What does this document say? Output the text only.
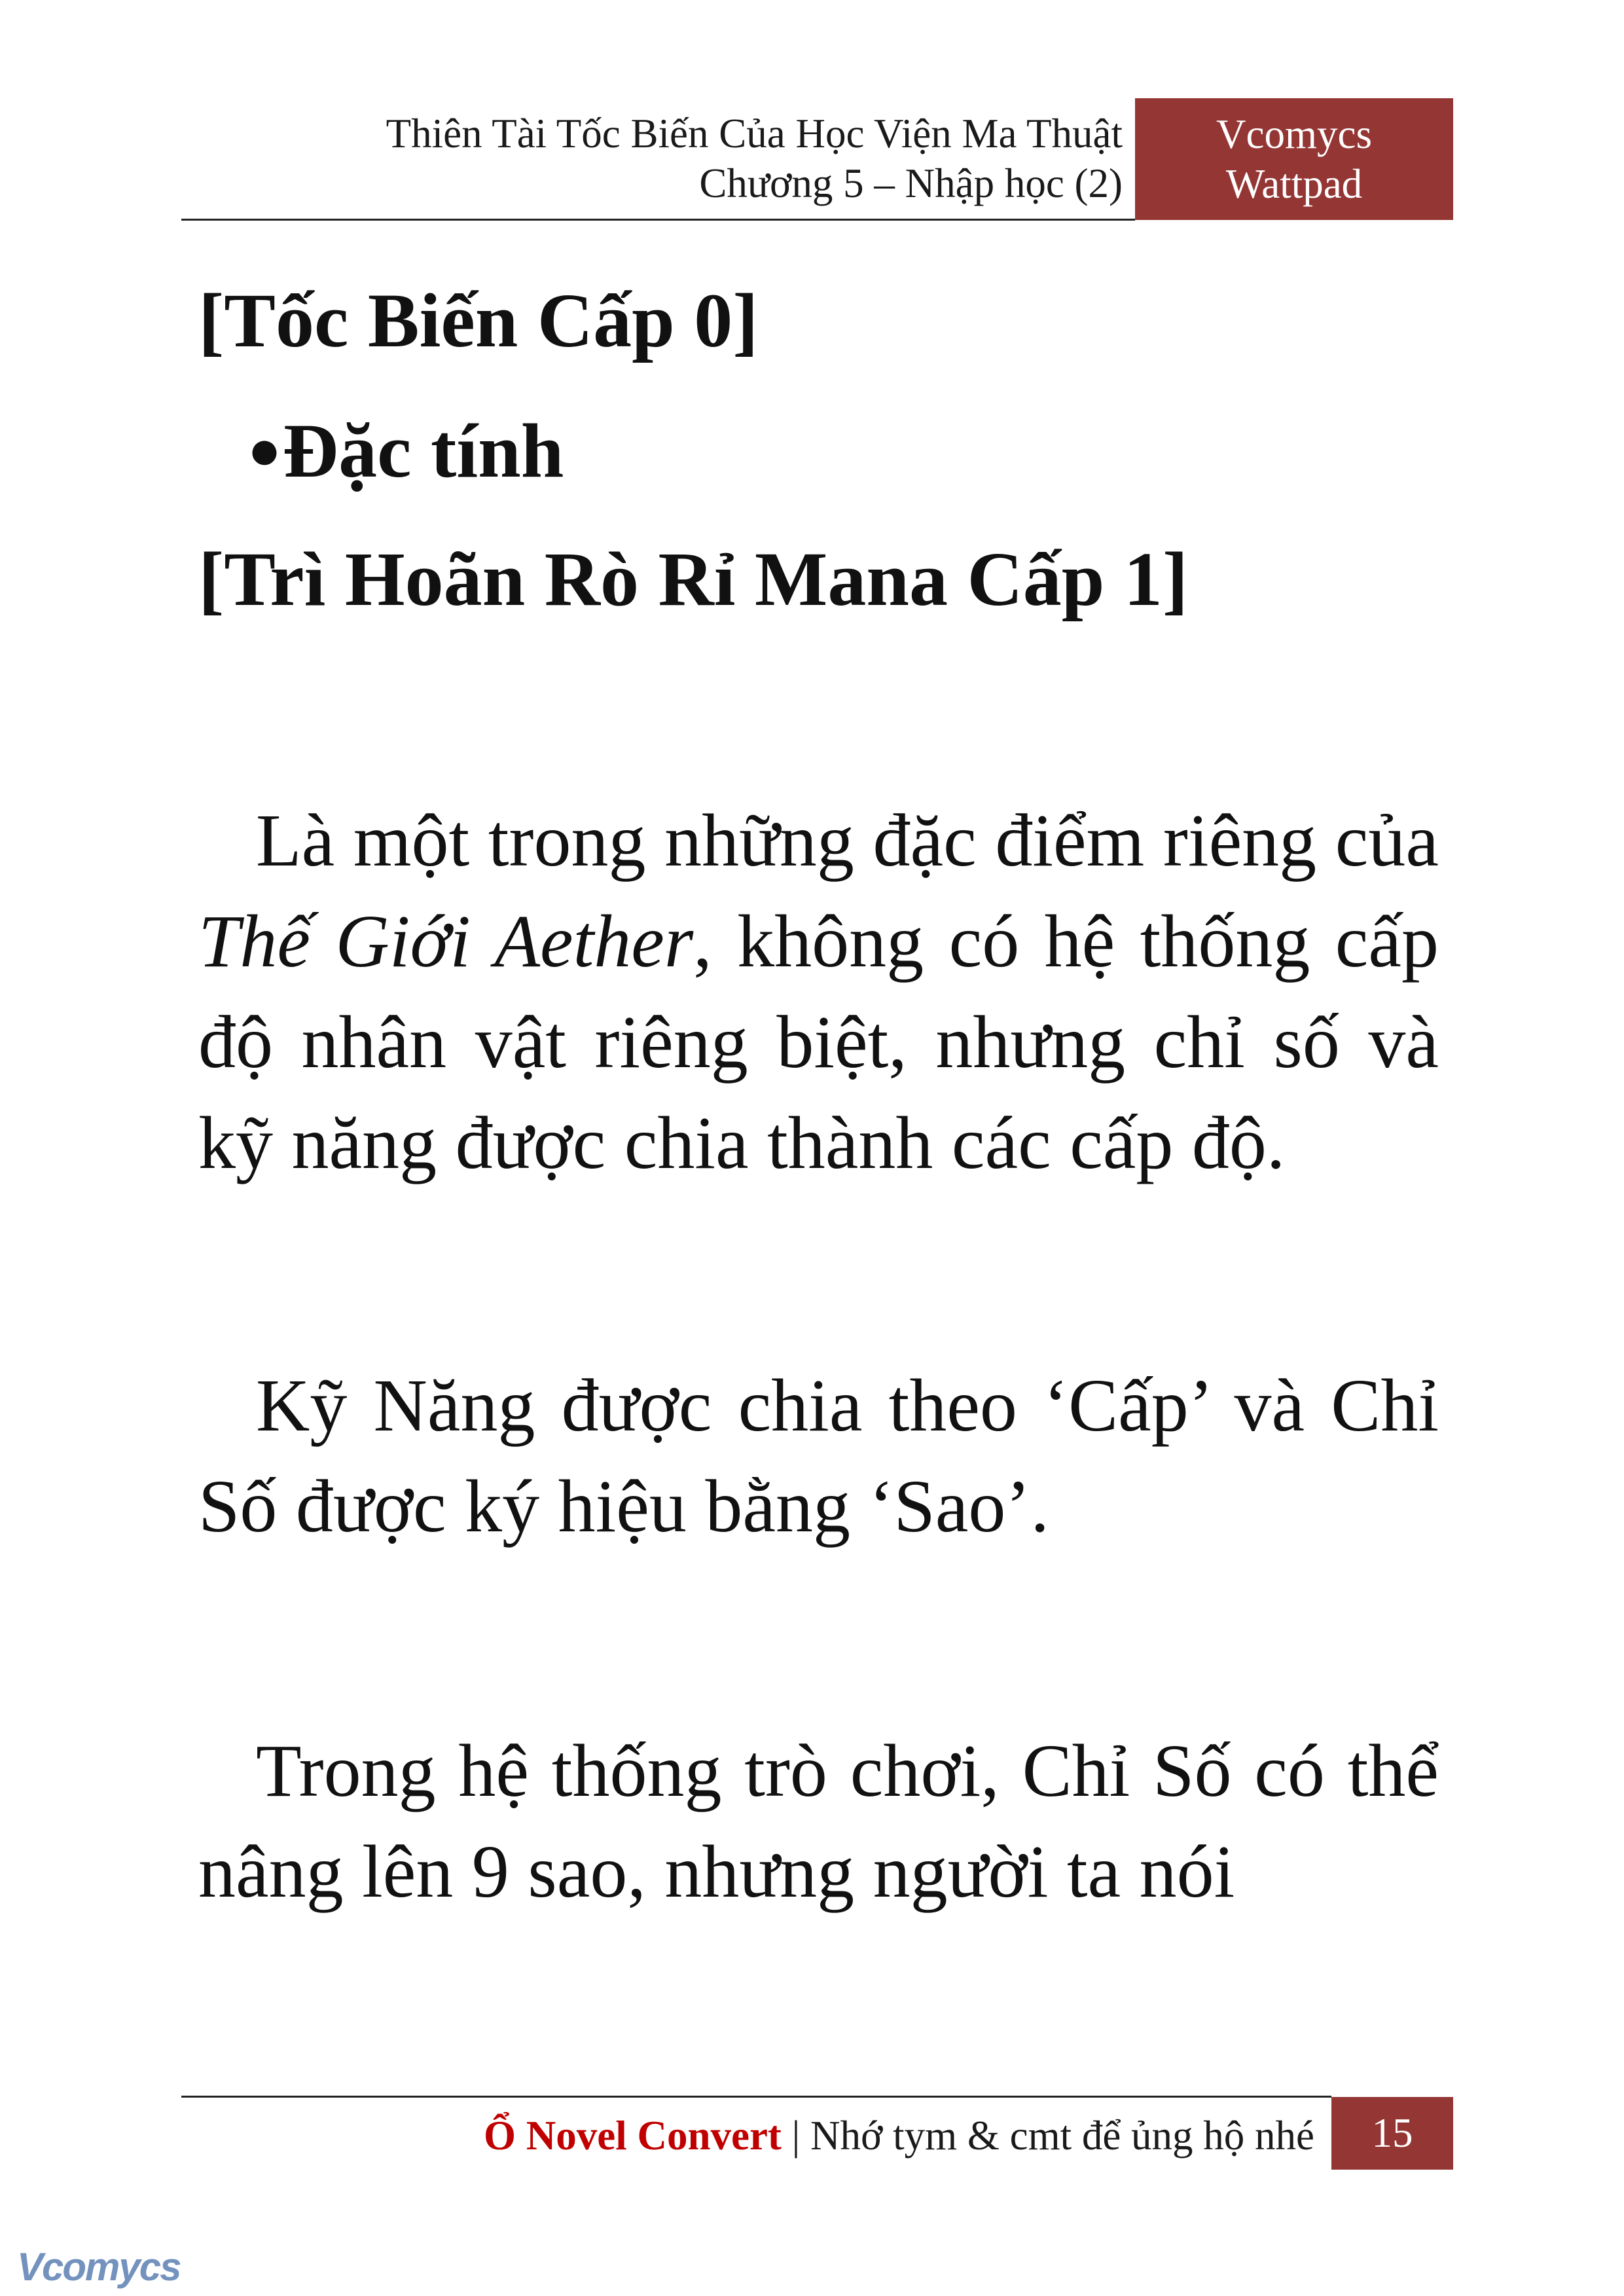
Thiên Tài Tốc Biến Của Học Viện Ma Thuật
Chương 5 – Nhập học (2)
Vcomycs
Wattpad
[Tốc Biến Cấp 0]
●Đặc tính
[Trì Hoãn Rò Rỉ Mana Cấp 1]

Là một trong những đặc điểm riêng của Thế Giới Aether, không có hệ thống cấp độ nhân vật riêng biệt, nhưng chỉ số và kỹ năng được chia thành các cấp độ.

Kỹ Năng được chia theo ‘Cấp’ và Chỉ Số được ký hiệu bằng ‘Sao’.

Trong hệ thống trò chơi, Chỉ Số có thể nâng lên 9 sao, nhưng người ta nói

Ổ Novel Convert | Nhớ tym & cmt để ủng hộ nhé	15
Vcomycs
